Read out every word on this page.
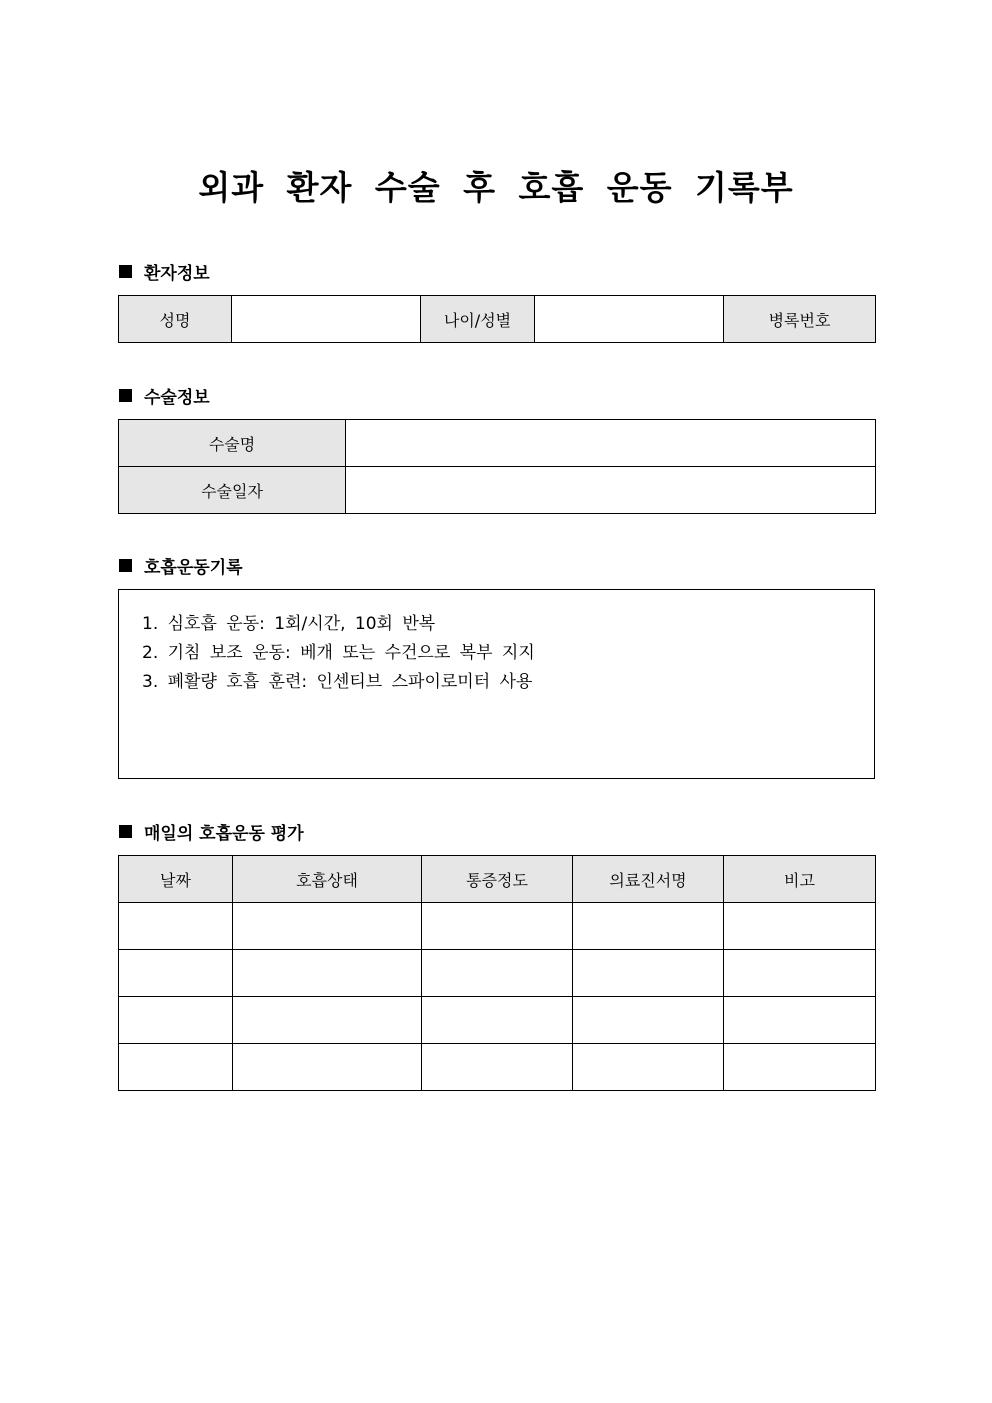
외과 환자 수술 후 호흡 운동 기록부
환자정보
성명		나이/성별		병록번호
수술정보
수술명	
수술일자	
호흡운동기록
1. 심호흡 운동: 1회/시간, 10회 반복
2. 기침 보조 운동: 베개 또는 수건으로 복부 지지
3. 폐활량 호흡 훈련: 인센티브 스파이로미터 사용
매일의 호흡운동 평가
날짜	호흡상태	통증정도	의료진서명	비고
